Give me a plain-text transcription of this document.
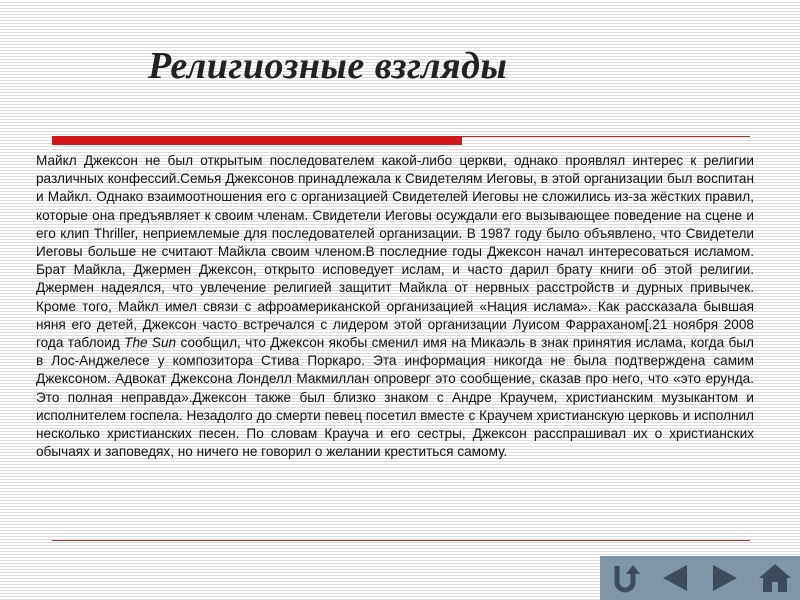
Религиозные взгляды
Майкл Джексон не был открытым последователем какой-либо церкви, однако проявлял интерес к религии различных конфессий.Семья Джексонов принадлежала к Свидетелям Иеговы, в этой организации был воспитан и Майкл. Однако взаимоотношения его с организацией Свидетелей Иеговы не сложились из-за жёстких правил, которые она предъявляет к своим членам. Свидетели Иеговы осуждали его вызывающее поведение на сцене и его клип Thriller, неприемлемые для последователей организации. В 1987 году было объявлено, что Свидетели Иеговы больше не считают Майкла своим членом.В последние годы Джексон начал интересоваться исламом. Брат Майкла, Джермен Джексон, открыто исповедует ислам, и часто дарил брату книги об этой религии. Джермен надеялся, что увлечение религией защитит Майкла от нервных расстройств и дурных привычек. Кроме того, Майкл имел связи с афроамериканской организацией «Нация ислама». Как рассказала бывшая няня его детей, Джексон часто встречался с лидером этой организации Луисом Фарраханом[.21 ноября 2008 года таблоид The Sun сообщил, что Джексон якобы сменил имя на Микаэль в знак принятия ислама, когда был в Лос-Анджелесе у композитора Стива Поркаро. Эта информация никогда не была подтверждена самим Джексоном. Адвокат Джексона Лонделл Макмиллан опроверг это сообщение, сказав про него, что «это ерунда. Это полная неправда».Джексон также был близко знаком с Андре Краучем, христианским музыкантом и исполнителем госпела. Незадолго до смерти певец посетил вместе с Краучем христианскую церковь и исполнил несколько христианских песен. По словам Крауча и его сестры, Джексон расспрашивал их о христианских обычаях и заповедях, но ничего не говорил о желании креститься самому.
